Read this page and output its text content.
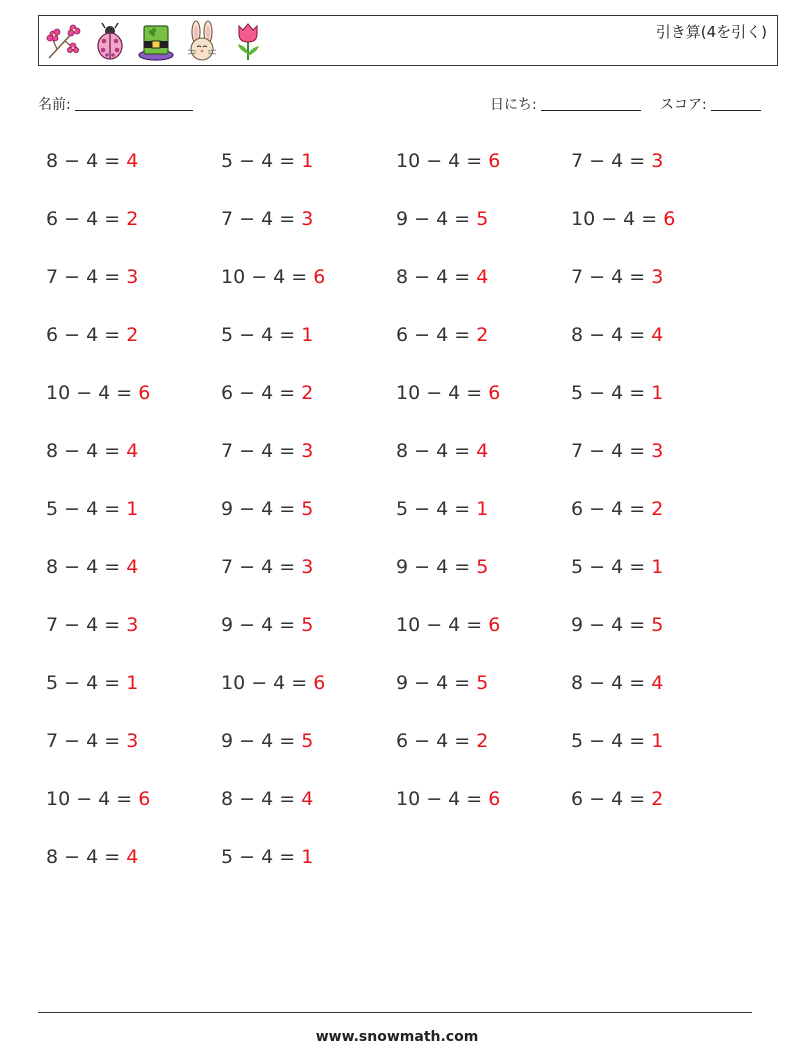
引き算(4を引く)
名前:	日にち:	スコア:
8 − 4 = 4	5 − 4 = 1	10 − 4 = 6	7 − 4 = 3
6 − 4 = 2	7 − 4 = 3	9 − 4 = 5	10 − 4 = 6
7 − 4 = 3	10 − 4 = 6	8 − 4 = 4	7 − 4 = 3
6 − 4 = 2	5 − 4 = 1	6 − 4 = 2	8 − 4 = 4
10 − 4 = 6	6 − 4 = 2	10 − 4 = 6	5 − 4 = 1
8 − 4 = 4	7 − 4 = 3	8 − 4 = 4	7 − 4 = 3
5 − 4 = 1	9 − 4 = 5	5 − 4 = 1	6 − 4 = 2
8 − 4 = 4	7 − 4 = 3	9 − 4 = 5	5 − 4 = 1
7 − 4 = 3	9 − 4 = 5	10 − 4 = 6	9 − 4 = 5
5 − 4 = 1	10 − 4 = 6	9 − 4 = 5	8 − 4 = 4
7 − 4 = 3	9 − 4 = 5	6 − 4 = 2	5 − 4 = 1
10 − 4 = 6	8 − 4 = 4	10 − 4 = 6	6 − 4 = 2
8 − 4 = 4	5 − 4 = 1
www.snowmath.com
